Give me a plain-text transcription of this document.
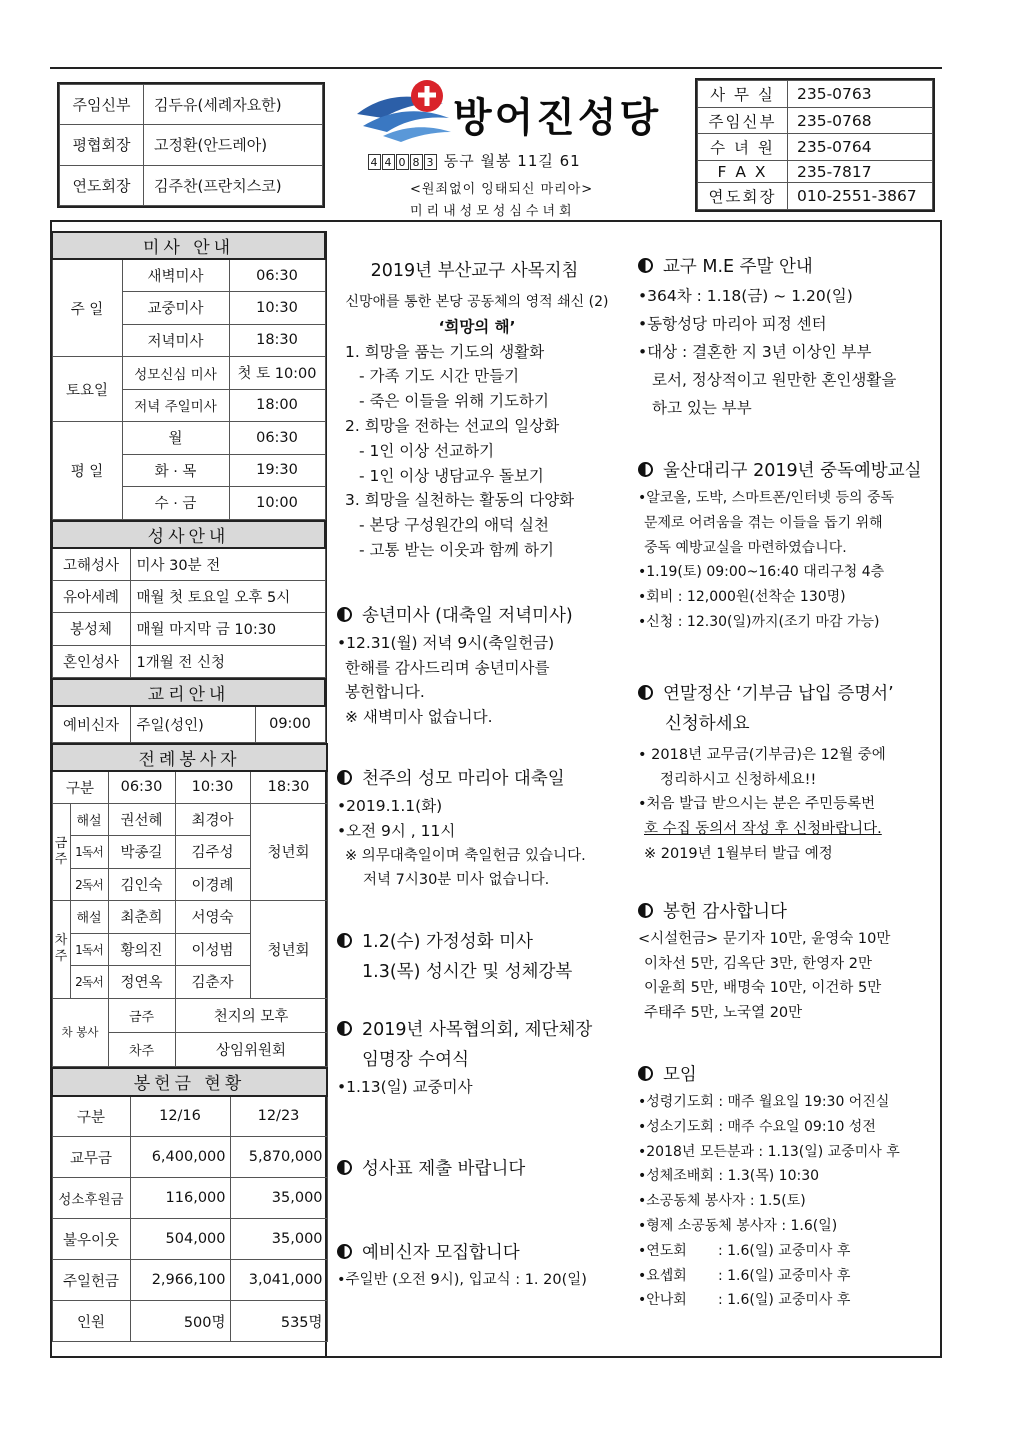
주임신부	김두유(세례자요한)
평협회장	고정환(안드레아)
연도회장	김주찬(프란치스코)
방어진성당
4 4 0 8 3 동구 월봉 11길 61
<원죄없이 잉태되신 마리아>
미리내성모성심수녀회
사 무 실	235-0763
주임신부	235-0768
수 녀 원	235-0764
F A X	235-7817
연도회장	010-2551-3867
미사 안내		
주 일	새벽미사	06:30
	교중미사	10:30
	저녁미사	18:30
토요일	성모신심 미사	첫 토 10:00
	저녁 주일미사	18:00
평 일	월	06:30
	화 · 목	19:30
	수 · 금	10:00
성사안내	
고해성사	미사 30분 전
유아세례	매월 첫 토요일 오후 5시
봉성체	매월 마지막 금 10:30
혼인성사	1개월 전 신청
교리안내
예비신자	주일(성인)	09:00
전례봉사자				
구분		06:30	10:30	18:30
금주	해설	권선혜	최경아	청년회
	1독서	박종길	김주성	
	2독서	김인숙	이경례	
차주	해설	최춘희	서영숙	청년회
	1독서	황의진	이성범	
	2독서	정연옥	김춘자	
차 봉사		금주	천지의 모후	
		차주	상임위원회	
봉헌금 현황		
구분	12/16	12/23
교무금	6,400,000	5,870,000
성소후원금	116,000	35,000
불우이웃	504,000	35,000
주일헌금	2,966,100	3,041,000
인원	500명	535명
2019년 부산교구 사목지침
신망애를 통한 본당 공동체의 영적 쇄신 (2)
‘희망의 해’
1. 희망을 품는 기도의 생활화
- 가족 기도 시간 만들기
- 죽은 이들을 위해 기도하기
2. 희망을 전하는 선교의 일상화
- 1인 이상 선교하기
- 1인 이상 냉담교우 돌보기
3. 희망을 실천하는 활동의 다양화
- 본당 구성원간의 애덕 실천
- 고통 받는 이웃과 함께 하기
송년미사 (대축일 저녁미사)
•12.31(월) 저녁 9시(축일헌금)
한해를 감사드리며 송년미사를
봉헌합니다.
※ 새벽미사 없습니다.
천주의 성모 마리아 대축일
•2019.1.1(화)
•오전 9시 , 11시
※ 의무대축일이며 축일헌금 있습니다.
저녁 7시30분 미사 없습니다.
1.2(수) 가정성화 미사
1.3(목) 성시간 및 성체강복
2019년 사목협의회, 제단체장
임명장 수여식
•1.13(일) 교중미사
성사표 제출 바랍니다
예비신자 모집합니다
•주일반 (오전 9시), 입교식 : 1. 20(일)
교구 M.E 주말 안내
•364차 : 1.18(금) ~ 1.20(일)
•동항성당 마리아 피정 센터
•대상 : 결혼한 지 3년 이상인 부부
로서, 정상적이고 원만한 혼인생활을
하고 있는 부부
울산대리구 2019년 중독예방교실
•알코올, 도박, 스마트폰/인터넷 등의 중독
문제로 어려움을 겪는 이들을 돕기 위해
중독 예방교실을 마련하였습니다.
•1.19(토) 09:00~16:40 대리구청 4층
•회비 : 12,000원(선착순 130명)
•신청 : 12.30(일)까지(조기 마감 가능)
연말정산 ‘기부금 납입 증명서’
신청하세요
• 2018년 교무금(기부금)은 12월 중에
정리하시고 신청하세요!!
•처음 발급 받으시는 분은 주민등록번
호 수집 동의서 작성 후 신청바랍니다.
※ 2019년 1월부터 발급 예정
봉헌 감사합니다
<시설헌금> 문기자 10만, 윤영숙 10만
이차선 5만, 김옥단 3만, 한영자 2만
이윤희 5만, 배명숙 10만, 이건하 5만
주태주 5만, 노국열 20만
모임
•성령기도회 : 매주 월요일 19:30 어진실
•성소기도회 : 매주 수요일 09:10 성전
•2018년 모든분과 : 1.13(일) 교중미사 후
•성체조배회 : 1.3(목) 10:30
•소공동체 봉사자 : 1.5(토)
•형제 소공동체 봉사자 : 1.6(일)
•연도회       : 1.6(일) 교중미사 후
•요셉회       : 1.6(일) 교중미사 후
•안나회       : 1.6(일) 교중미사 후
